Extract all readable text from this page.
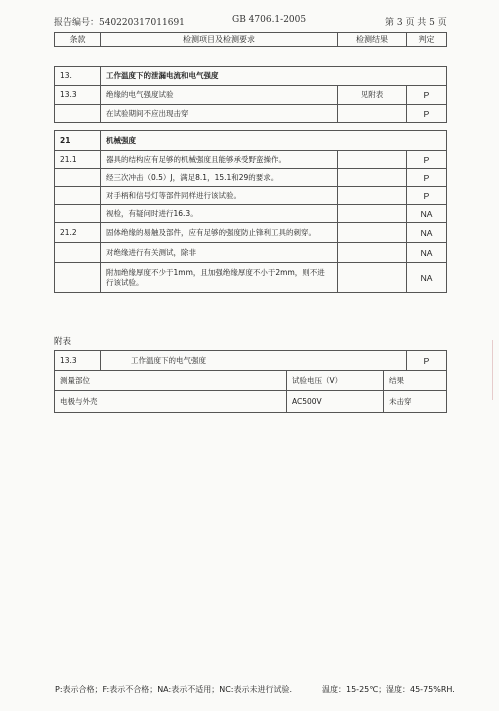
报告编号：540220317011691	GB 4706.1-2005	第 3 页 共 5 页
条款	检测项目及检测要求	检测结果	判定
13.	工作温度下的泄漏电流和电气强度		
13.3	绝缘的电气强度试验	见附表	P
	在试验期间不应出现击穿		P
21	机械强度		
21.1	器具的结构应有足够的机械强度且能够承受野蛮操作。		P
	经三次冲击（0.5）J，满足8.1，15.1和29的要求。		P
	对手柄和信号灯等部件同样进行该试验。		P
	视检，有疑问时进行16.3。		NA
21.2	固体绝缘的易触及部件，应有足够的强度防止锋利工具的刺穿。		NA
	对绝缘进行有关测试，除非		NA
	附加绝缘厚度不少于1mm，且加强绝缘厚度不小于2mm，则不进行该试验。		NA
附表
13.3	工作温度下的电气强度			P
测量部位		试验电压（V）	结果	
电极与外壳		AC500V	未击穿	
P:表示合格；F:表示不合格；NA:表示不适用；NC:表示未进行试验.	温度：15-25℃； 湿度：45-75%RH.
